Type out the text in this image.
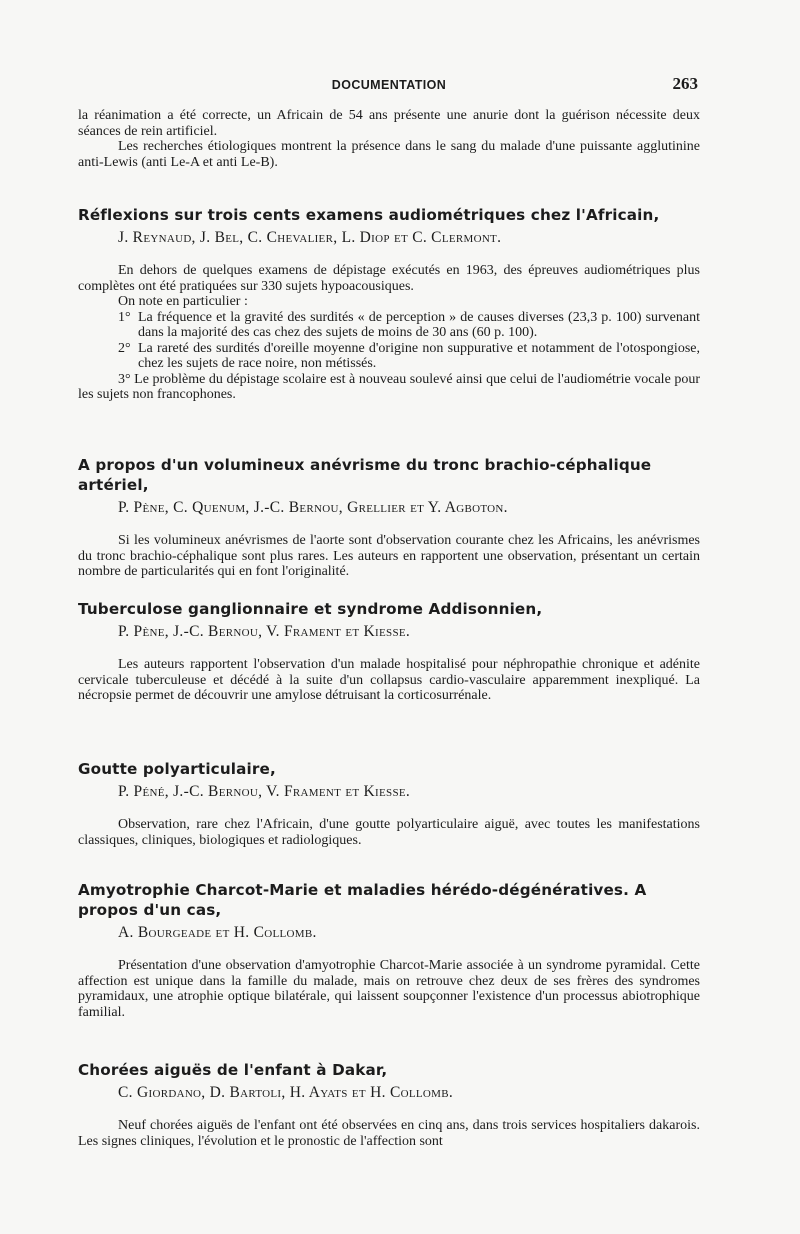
DOCUMENTATION	263

la réanimation a été correcte, un Africain de 54 ans présente une anurie dont la guérison nécessite deux séances de rein artificiel.

Les recherches étiologiques montrent la présence dans le sang du malade d'une puissante agglutinine anti-Lewis (anti Le-A et anti Le-B).

Réflexions sur trois cents examens audiométriques chez l'Africain,
J. Reynaud, J. Bel, C. Chevalier, L. Diop et C. Clermont.

En dehors de quelques examens de dépistage exécutés en 1963, des épreuves audiométriques plus complètes ont été pratiquées sur 330 sujets hypoacousiques.

On note en particulier :

1° La fréquence et la gravité des surdités « de perception » de causes diverses (23,3 p. 100) survenant dans la majorité des cas chez des sujets de moins de 30 ans (60 p. 100).

2° La rareté des surdités d'oreille moyenne d'origine non suppurative et notamment de l'otospongiose, chez les sujets de race noire, non métissés.

3° Le problème du dépistage scolaire est à nouveau soulevé ainsi que celui de l'audiométrie vocale pour les sujets non francophones.

A propos d'un volumineux anévrisme du tronc brachio-céphalique artériel,
P. Pène, C. Quenum, J.-C. Bernou, Grellier et Y. Agboton.

Si les volumineux anévrismes de l'aorte sont d'observation courante chez les Africains, les anévrismes du tronc brachio-céphalique sont plus rares. Les auteurs en rapportent une observation, présentant un certain nombre de particularités qui en font l'originalité.

Tuberculose ganglionnaire et syndrome Addisonnien,
P. Pène, J.-C. Bernou, V. Frament et Kiesse.

Les auteurs rapportent l'observation d'un malade hospitalisé pour néphropathie chronique et adénite cervicale tuberculeuse et décédé à la suite d'un collapsus cardio-vasculaire apparemment inexpliqué. La nécropsie permet de découvrir une amylose détruisant la corticosurrénale.

Goutte polyarticulaire,
P. Péné, J.-C. Bernou, V. Frament et Kiesse.

Observation, rare chez l'Africain, d'une goutte polyarticulaire aiguë, avec toutes les manifestations classiques, cliniques, biologiques et radiologiques.

Amyotrophie Charcot-Marie et maladies hérédo-dégénératives. A propos d'un cas,
A. Bourgeade et H. Collomb.

Présentation d'une observation d'amyotrophie Charcot-Marie associée à un syndrome pyramidal. Cette affection est unique dans la famille du malade, mais on retrouve chez deux de ses frères des syndromes pyramidaux, une atrophie optique bilatérale, qui laissent soupçonner l'existence d'un processus abiotrophique familial.

Chorées aiguës de l'enfant à Dakar,
C. Giordano, D. Bartoli, H. Ayats et H. Collomb.

Neuf chorées aiguës de l'enfant ont été observées en cinq ans, dans trois services hospitaliers dakarois. Les signes cliniques, l'évolution et le pronostic de l'affection sont
